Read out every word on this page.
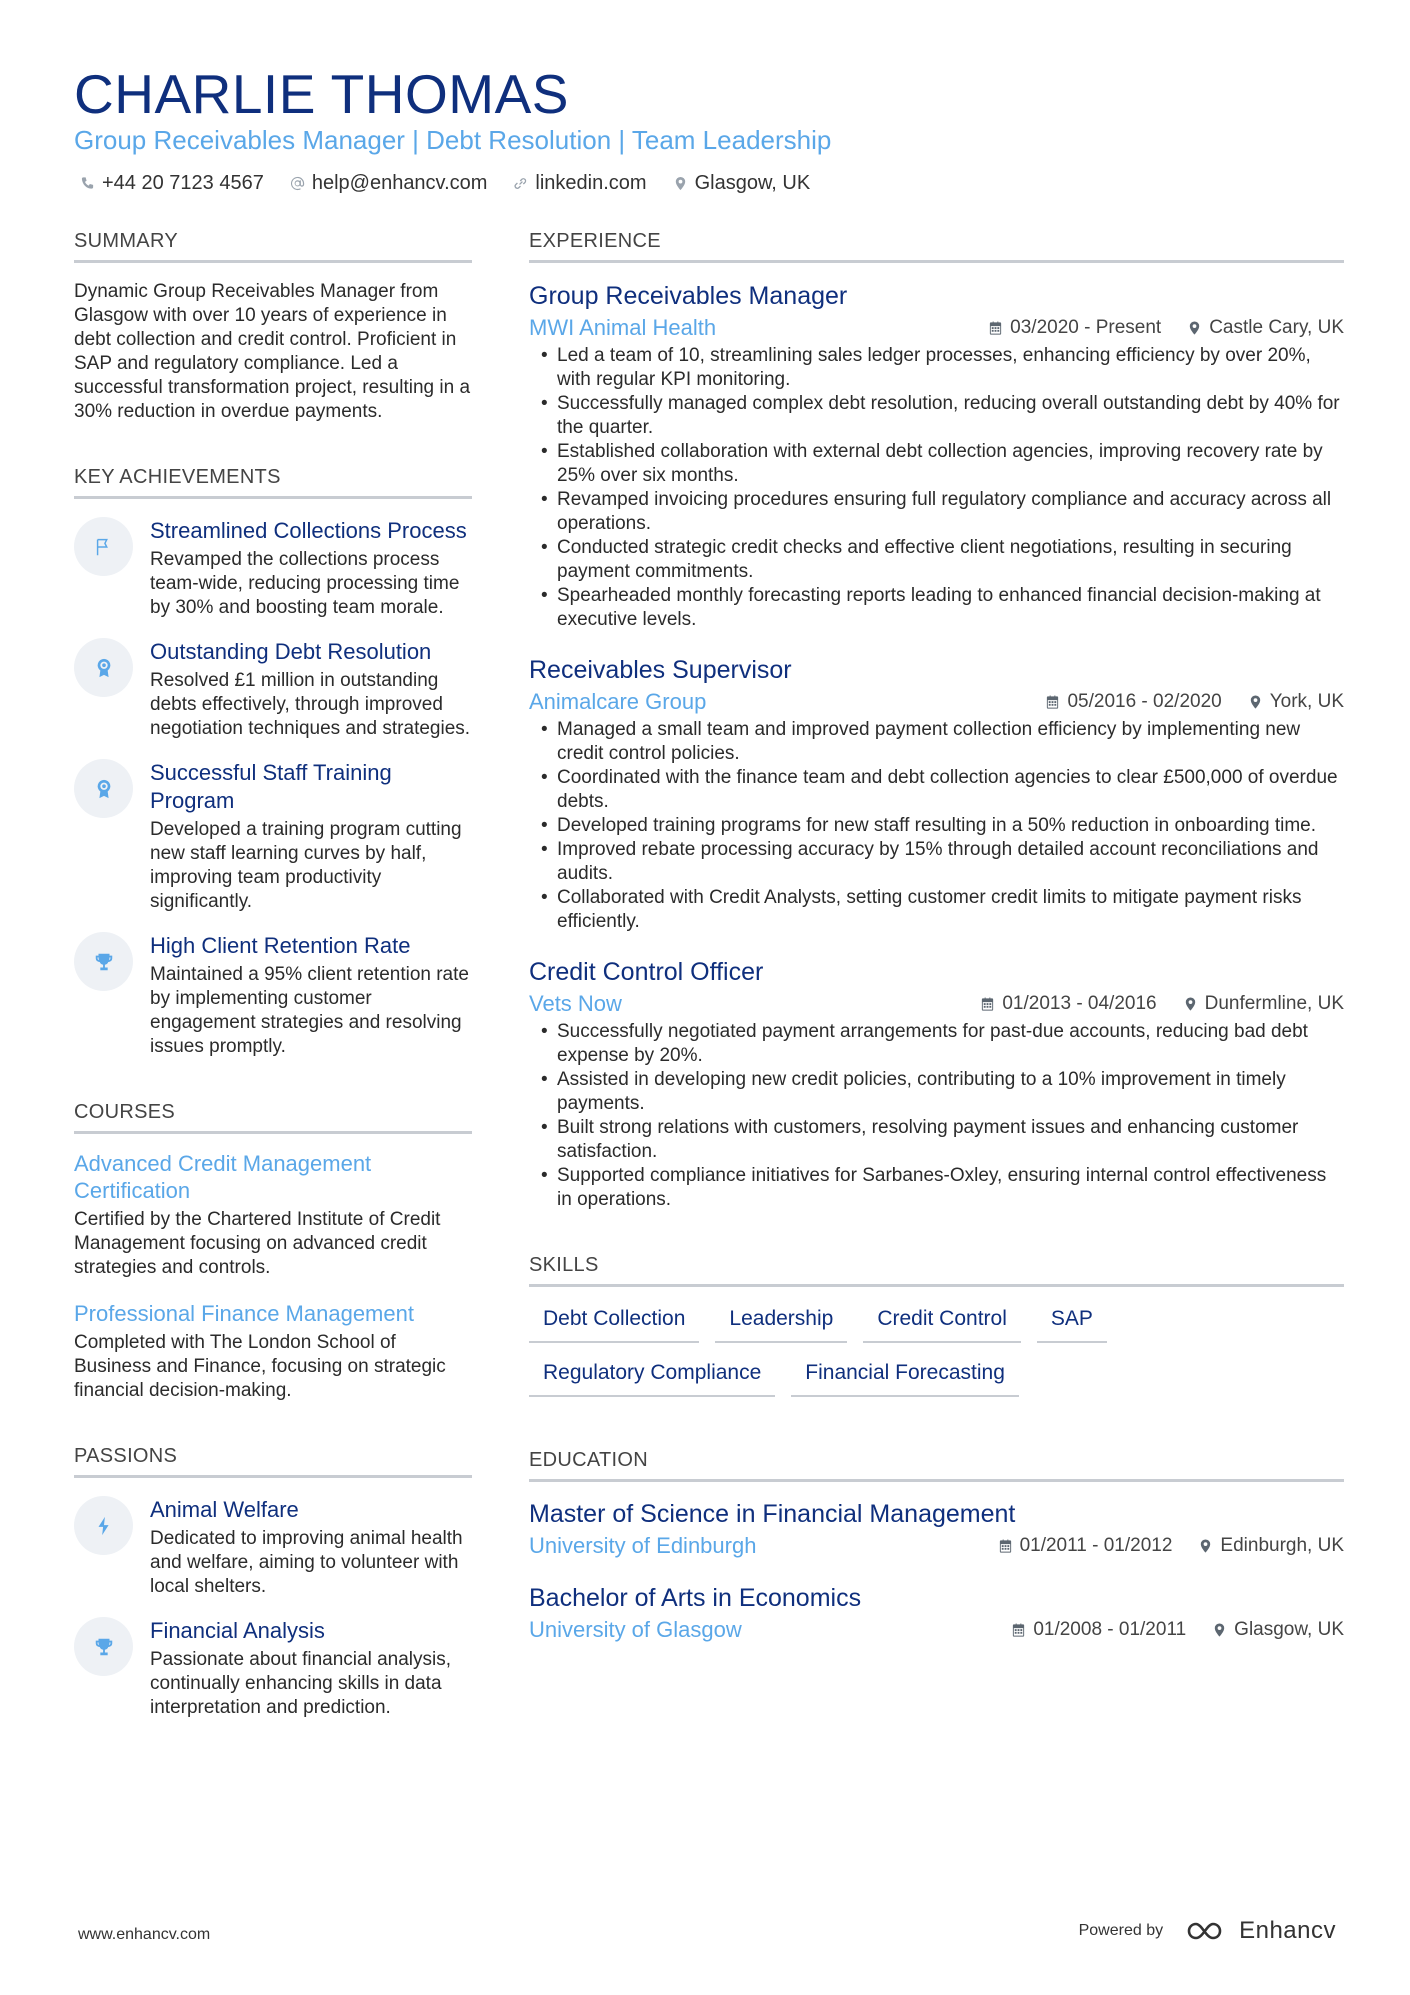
CHARLIE THOMAS
Group Receivables Manager | Debt Resolution | Team Leadership
+44 20 7123 4567 help@enhancv.com linkedin.com Glasgow, UK
SUMMARY
Dynamic Group Receivables Manager from Glasgow with over 10 years of experience in debt collection and credit control. Proficient in SAP and regulatory compliance. Led a successful transformation project, resulting in a 30% reduction in overdue payments.
KEY ACHIEVEMENTS
Streamlined Collections Process
Revamped the collections process team-wide, reducing processing time by 30% and boosting team morale.
Outstanding Debt Resolution
Resolved £1 million in outstanding debts effectively, through improved negotiation techniques and strategies.
Successful Staff Training Program
Developed a training program cutting new staff learning curves by half, improving team productivity significantly.
High Client Retention Rate
Maintained a 95% client retention rate by implementing customer engagement strategies and resolving issues promptly.
COURSES
Advanced Credit Management Certification
Certified by the Chartered Institute of Credit Management focusing on advanced credit strategies and controls.
Professional Finance Management
Completed with The London School of Business and Finance, focusing on strategic financial decision-making.
PASSIONS
Animal Welfare
Dedicated to improving animal health and welfare, aiming to volunteer with local shelters.
Financial Analysis
Passionate about financial analysis, continually enhancing skills in data interpretation and prediction.
EXPERIENCE
Group Receivables Manager
MWI Animal Health	03/2020 - Present	Castle Cary, UK
• Led a team of 10, streamlining sales ledger processes, enhancing efficiency by over 20%, with regular KPI monitoring.
• Successfully managed complex debt resolution, reducing overall outstanding debt by 40% for the quarter.
• Established collaboration with external debt collection agencies, improving recovery rate by 25% over six months.
• Revamped invoicing procedures ensuring full regulatory compliance and accuracy across all operations.
• Conducted strategic credit checks and effective client negotiations, resulting in securing payment commitments.
• Spearheaded monthly forecasting reports leading to enhanced financial decision-making at executive levels.
Receivables Supervisor
Animalcare Group	05/2016 - 02/2020	York, UK
• Managed a small team and improved payment collection efficiency by implementing new credit control policies.
• Coordinated with the finance team and debt collection agencies to clear £500,000 of overdue debts.
• Developed training programs for new staff resulting in a 50% reduction in onboarding time.
• Improved rebate processing accuracy by 15% through detailed account reconciliations and audits.
• Collaborated with Credit Analysts, setting customer credit limits to mitigate payment risks efficiently.
Credit Control Officer
Vets Now	01/2013 - 04/2016	Dunfermline, UK
• Successfully negotiated payment arrangements for past-due accounts, reducing bad debt expense by 20%.
• Assisted in developing new credit policies, contributing to a 10% improvement in timely payments.
• Built strong relations with customers, resolving payment issues and enhancing customer satisfaction.
• Supported compliance initiatives for Sarbanes-Oxley, ensuring internal control effectiveness in operations.
SKILLS
Debt Collection	Leadership	Credit Control	SAP
Regulatory Compliance	Financial Forecasting
EDUCATION
Master of Science in Financial Management
University of Edinburgh	01/2011 - 01/2012	Edinburgh, UK
Bachelor of Arts in Economics
University of Glasgow	01/2008 - 01/2011	Glasgow, UK
www.enhancv.com	Powered by	Enhancv
